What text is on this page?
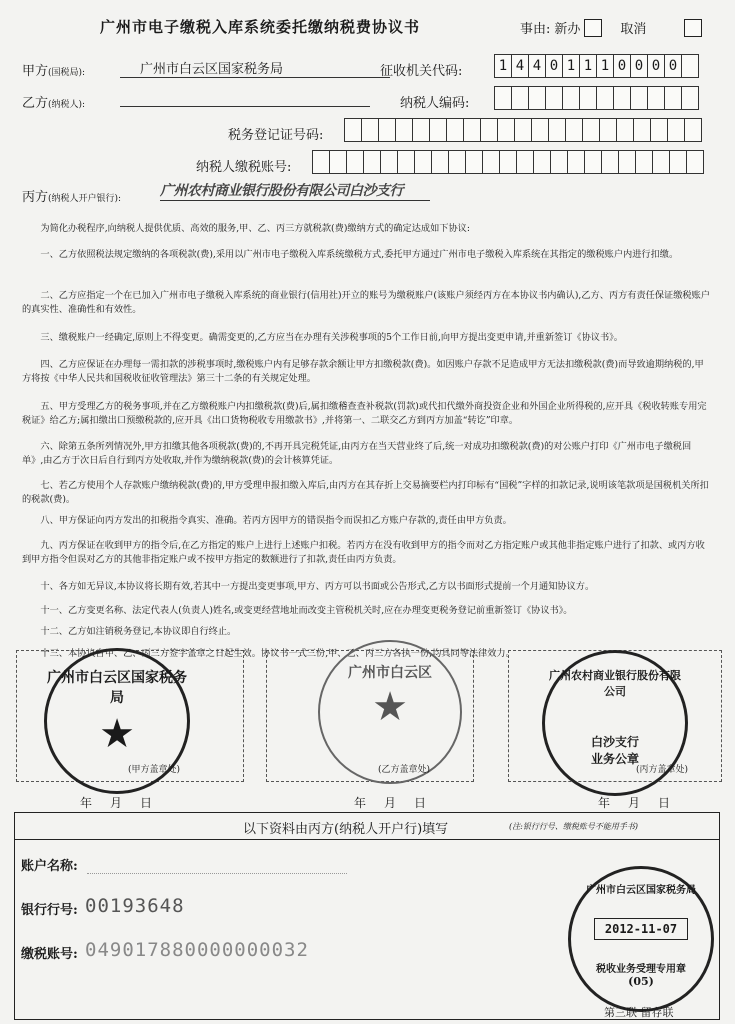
广州市电子缴税入库系统委托缴纳税费协议书	事由: 新办	取消
甲方(国税局):	广州市白云区国家税务局	征收机关代码:	1 4 4 0 1 1 1 0 0 0 0
乙方(纳税人):	纳税人编码:
税务登记证号码:
纳税人缴税账号:
丙方(纳税人开户银行):	广州农村商业银行股份有限公司白沙支行
为简化办税程序,向纳税人提供优质、高效的服务,甲、乙、丙三方就税款(费)缴纳方式的确定达成如下协议:
一、乙方依照税法规定缴纳的各项税款(费),采用以广州市电子缴税入库系统缴税方式,委托甲方通过广州市电子缴税入库系统在其指定的缴税账户内进行扣缴。
二、乙方应指定一个在已加入广州市电子缴税入库系统的商业银行(信用社)开立的账号为缴税账户(该账户须经丙方在本协议书内确认),乙方、丙方有责任保证缴税账户的真实性、准确性和有效性。
三、缴税账户一经确定,原则上不得变更。确需变更的,乙方应当在办理有关涉税事项的5个工作日前,向甲方提出变更申请,并重新签订《协议书》。
四、乙方应保证在办理每一需扣款的涉税事项时,缴税账户内有足够存款余额让甲方扣缴税款(费)。如因账户存款不足造成甲方无法扣缴税款(费)而导致逾期纳税的,甲方将按《中华人民共和国税收征收管理法》第三十二条的有关规定处理。
五、甲方受理乙方的税务事项,并在乙方缴税账户内扣缴税款(费)后,属扣缴稽查查补税款(罚款)或代扣代缴外商投资企业和外国企业所得税的,应开具《税收转账专用完税证》给乙方;属扣缴出口预缴税款的,应开具《出口货物税收专用缴款书》,并将第一、二联交乙方到丙方加盖“转讫”印章。
六、除第五条所列情况外,甲方扣缴其他各项税款(费)的,不再开具完税凭证,由丙方在当天营业终了后,统一对成功扣缴税款(费)的对公账户打印《广州市电子缴税回单》,由乙方于次日后自行到丙方处收取,并作为缴纳税款(费)的会计核算凭证。
七、若乙方使用个人存款账户缴纳税款(费)的,甲方受理申报扣缴入库后,由丙方在其存折上交易摘要栏内打印标有“国税”字样的扣款记录,说明该笔款项是国税机关所扣的税款(费)。
八、甲方保证向丙方发出的扣税指令真实、准确。若丙方因甲方的错误指令而误扣乙方账户存款的,责任由甲方负责。
九、丙方保证在收到甲方的指令后,在乙方指定的账户上进行上述账户扣税。若丙方在没有收到甲方的指令而对乙方指定账户或其他非指定账户进行了扣款、或丙方收到甲方指令但误对乙方的其他非指定账户或不按甲方指定的数额进行了扣款,责任由丙方负责。
十、各方如无异议,本协议将长期有效,若其中一方提出变更事项,甲方、丙方可以书面或公告形式,乙方以书面形式提前一个月通知协议方。
十一、乙方变更名称、法定代表人(负责人)姓名,或变更经营地址而改变主管税机关时,应在办理变更税务登记前重新签订《协议书》。
十二、乙方如注销税务登记,本协议即自行终止。
十三、本协议自甲、乙、丙三方签字盖章之日起生效。协议书一式三份,甲、乙、丙三方各执一份,均具同等法律效力。
广州市白云区国家税务局
★
(甲方盖章处)
广州市白云区
★
(乙方盖章处)
广州农村商业银行股份有限公司
白沙支行
业务公章
(丙方盖章处)
年 月 日	年 月 日	年 月 日
以下资料由丙方(纳税人开户行)填写	(注:银行行号、缴税账号不能用手书)
账户名称:
银行行号: 00193648
缴税账号: 049017880000000032
广州市白云区国家税务局
2012-11-07
税收业务受理专用章
(05)
第三联 留存联
